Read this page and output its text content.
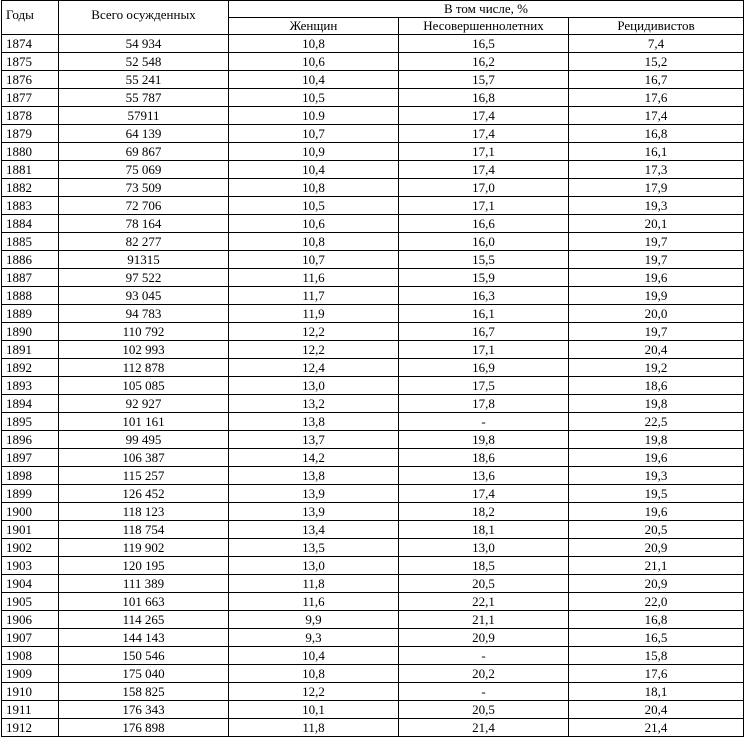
Годы	Всего осужденных	В том числе, %		
		Женщин	Несовершеннолетних	Рецидивистов
1874	54 934	10,8	16,5	7,4
1875	52 548	10,6	16,2	15,2
1876	55 241	10,4	15,7	16,7
1877	55 787	10,5	16,8	17,6
1878	57911	10.9	17,4	17,4
1879	64 139	10,7	17,4	16,8
1880	69 867	10,9	17,1	16,1
1881	75 069	10,4	17,4	17,3
1882	73 509	10,8	17,0	17,9
1883	72 706	10,5	17,1	19,3
1884	78 164	10,6	16,6	20,1
1885	82 277	10,8	16,0	19,7
1886	91315	10,7	15,5	19,7
1887	97 522	11,6	15,9	19,6
1888	93 045	11,7	16,3	19,9
1889	94 783	11,9	16,1	20,0
1890	110 792	12,2	16,7	19,7
1891	102 993	12,2	17,1	20,4
1892	112 878	12,4	16,9	19,2
1893	105 085	13,0	17,5	18,6
1894	92 927	13,2	17,8	19,8
1895	101 161	13,8	-	22,5
1896	99 495	13,7	19,8	19,8
1897	106 387	14,2	18,6	19,6
1898	115 257	13,8	13,6	19,3
1899	126 452	13,9	17,4	19,5
1900	118 123	13,9	18,2	19,6
1901	118 754	13,4	18,1	20,5
1902	119 902	13,5	13,0	20,9
1903	120 195	13,0	18,5	21,1
1904	111 389	11,8	20,5	20,9
1905	101 663	11,6	22,1	22,0
1906	114 265	9,9	21,1	16,8
1907	144 143	9,3	20,9	16,5
1908	150 546	10,4	-	15,8
1909	175 040	10,8	20,2	17,6
1910	158 825	12,2	-	18,1
1911	176 343	10,1	20,5	20,4
1912	176 898	11,8	21,4	21,4
